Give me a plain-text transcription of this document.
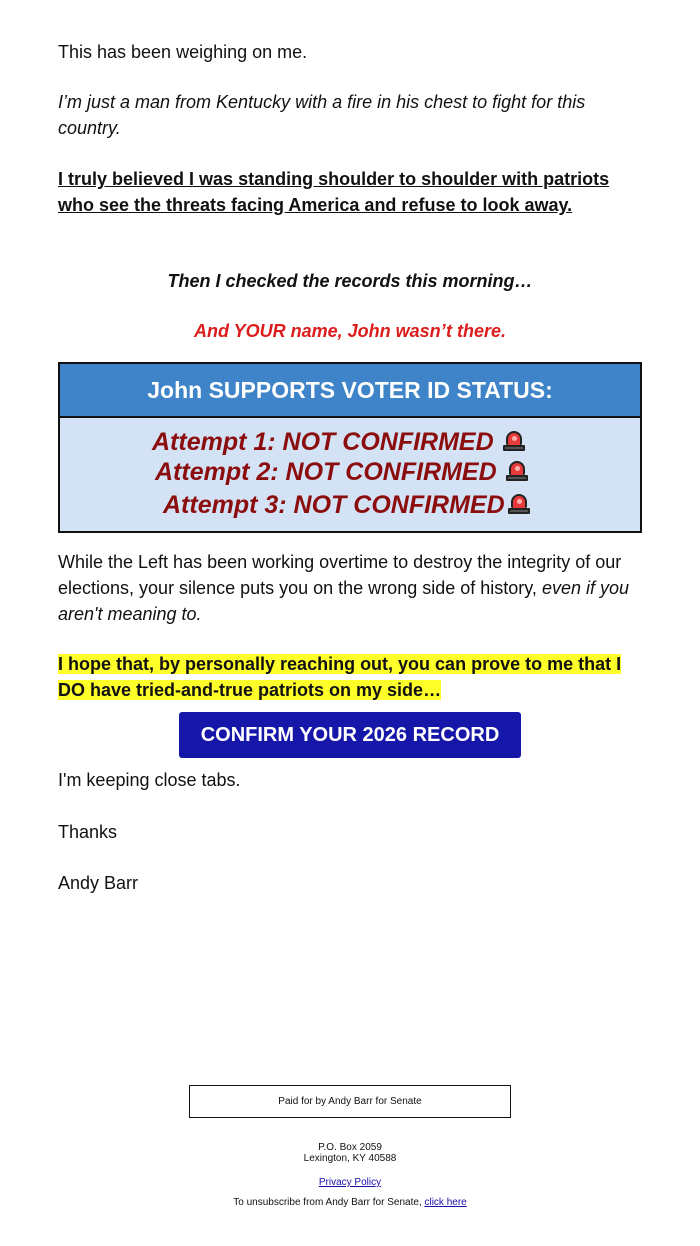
This has been weighing on me.

I’m just a man from Kentucky with a fire in his chest to fight for this country.

I truly believed I was standing shoulder to shoulder with patriots who see the threats facing America and refuse to look away.

Then I checked the records this morning…

And YOUR name, John wasn’t there.

John SUPPORTS VOTER ID STATUS:
Attempt 1: NOT CONFIRMED
Attempt 2: NOT CONFIRMED
Attempt 3: NOT CONFIRMED

While the Left has been working overtime to destroy the integrity of our elections, your silence puts you on the wrong side of history, even if you aren't meaning to.

I hope that, by personally reaching out, you can prove to me that I DO have tried-and-true patriots on my side…

CONFIRM YOUR 2026 RECORD

I'm keeping close tabs.

Thanks

Andy Barr

Paid for by Andy Barr for Senate
P.O. Box 2059
Lexington, KY 40588
Privacy Policy
To unsubscribe from Andy Barr for Senate, click here
